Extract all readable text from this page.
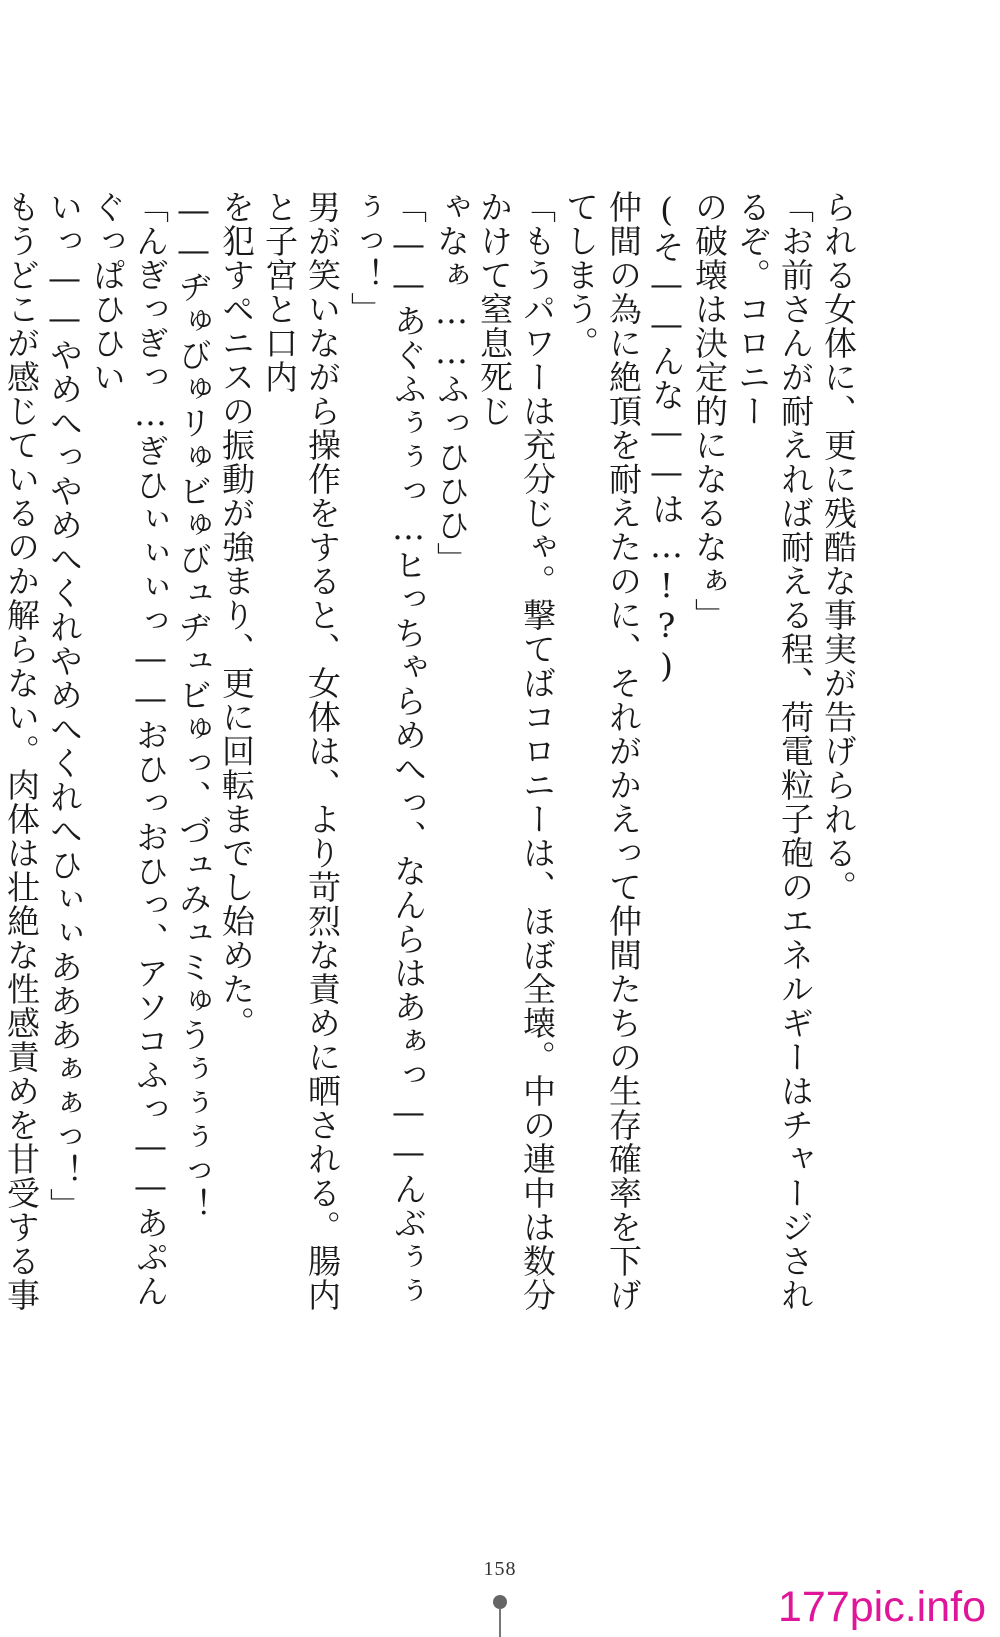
られる女体に、更に残酷な事実が告げられる。

「お前さんが耐えれば耐える程、荷電粒子砲のエネルギーはチャージされるぞ。コロニー

の破壊は決定的になるなぁ」

(そ——んな——は…!?)

仲間の為に絶頂を耐えたのに、それがかえって仲間たちの生存確率を下げてしまう。

「もうパワーは充分じゃ。撃てばコロニーは、ほぼ全壊。中の連中は数分かけて窒息死じ

ゃなぁ……ふっひひひ」

「——あぐふぅぅっ…ヒっちゃらめへっ、なんらはあぁっ——んぶぅぅぅっ！」

男が笑いながら操作をすると、女体は、より苛烈な責めに晒される。腸内と子宮と口内

を犯すペニスの振動が強まり、更に回転までし始めた。

——ヂゅびゅリゅビゅびュヂュビゅっ、づュみュミゅうぅぅぅっ！

「んぎっぎっ…ぎひぃぃぃっ——おひっおひっ、アソコふっ——あぷんぐっぱひひい

いっ——やめへっやめへくれやめへくれへひぃぃあああぁぁっ！」

もうどこが感じているのか解らない。肉体は壮絶な性感責めを甘受する事

158
177pic.info
